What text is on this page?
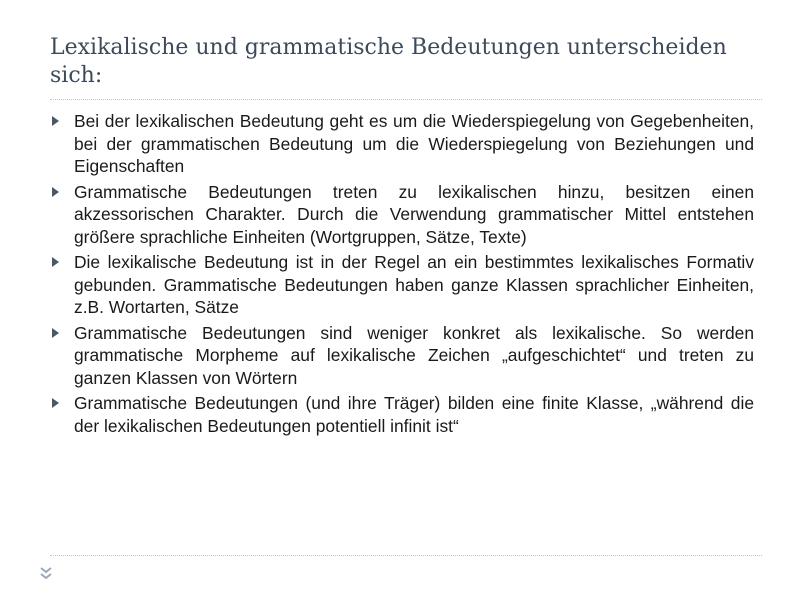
Lexikalische und grammatische Bedeutungen unterscheiden sich:
Bei der lexikalischen Bedeutung geht es um die Wiederspiegelung von Gegebenheiten, bei der grammatischen Bedeutung um die Wiederspiegelung von Beziehungen und Eigenschaften
Grammatische Bedeutungen treten zu lexikalischen hinzu, besitzen einen akzessorischen Charakter. Durch die Verwendung grammatischer Mittel entstehen größere sprachliche Einheiten (Wortgruppen, Sätze, Texte)
Die lexikalische Bedeutung ist in der Regel an ein bestimmtes lexikalisches Formativ gebunden. Grammatische Bedeutungen haben ganze Klassen sprachlicher Einheiten, z.B. Wortarten, Sätze
Grammatische Bedeutungen sind weniger konkret als lexikalische. So werden grammatische Morpheme auf lexikalische Zeichen „aufgeschichtet“ und treten zu ganzen Klassen von Wörtern
Grammatische Bedeutungen (und ihre Träger) bilden eine finite Klasse, „während die der lexikalischen Bedeutungen potentiell infinit ist“
